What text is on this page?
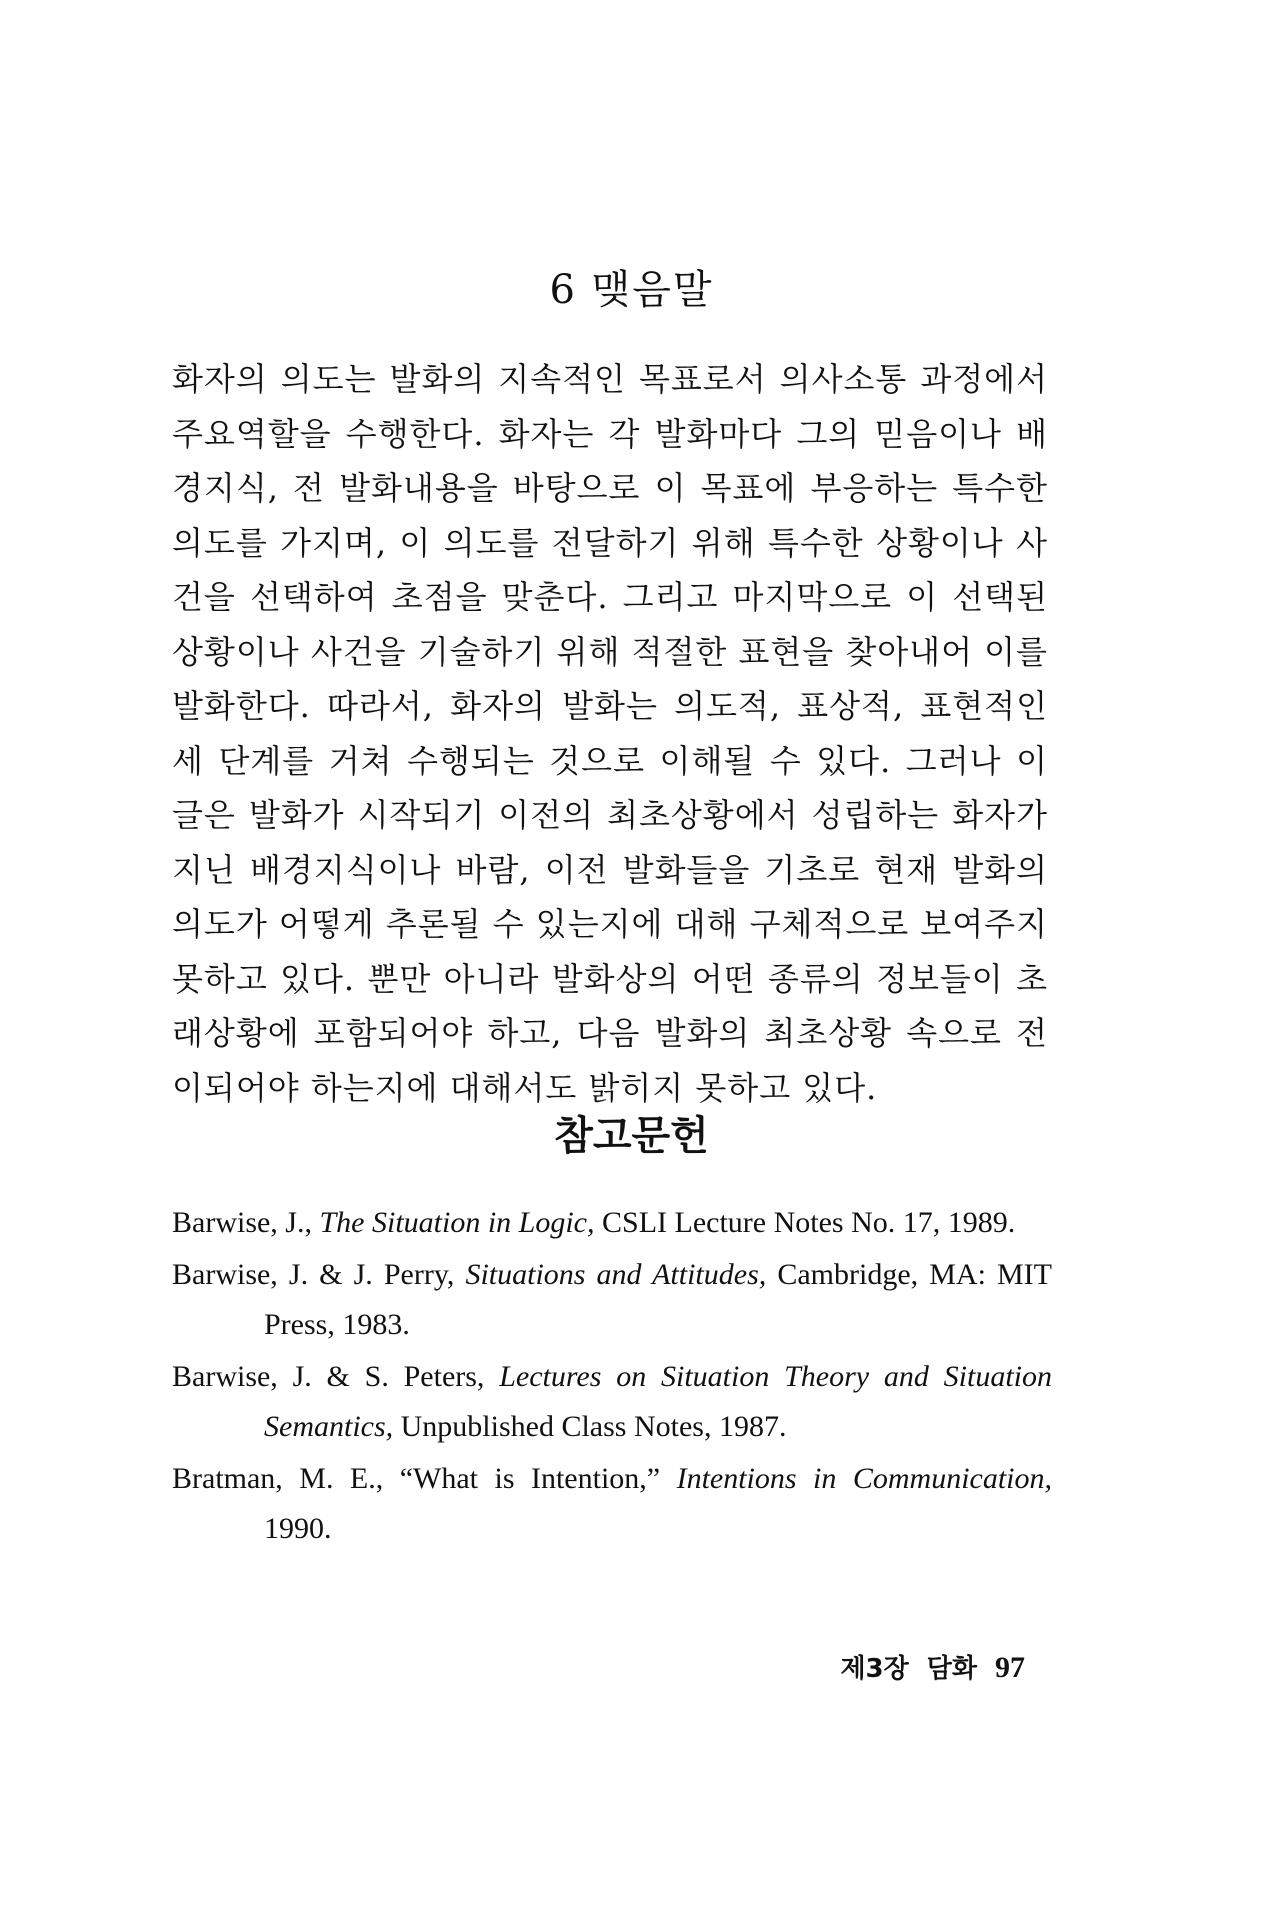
6 맺음말

화자의 의도는 발화의 지속적인 목표로서 의사소통 과정에서 주요역할을 수행한다. 화자는 각 발화마다 그의 믿음이나 배경지식, 전 발화내용을 바탕으로 이 목표에 부응하는 특수한 의도를 가지며, 이 의도를 전달하기 위해 특수한 상황이나 사건을 선택하여 초점을 맞춘다. 그리고 마지막으로 이 선택된 상황이나 사건을 기술하기 위해 적절한 표현을 찾아내어 이를 발화한다. 따라서, 화자의 발화는 의도적, 표상적, 표현적인 세 단계를 거쳐 수행되는 것으로 이해될 수 있다. 그러나 이 글은 발화가 시작되기 이전의 최초상황에서 성립하는 화자가 지닌 배경지식이나 바람, 이전 발화들을 기초로 현재 발화의 의도가 어떻게 추론될 수 있는지에 대해 구체적으로 보여주지 못하고 있다. 뿐만 아니라 발화상의 어떤 종류의 정보들이 초래상황에 포함되어야 하고, 다음 발화의 최초상황 속으로 전이되어야 하는지에 대해서도 밝히지 못하고 있다.

참고문헌
Barwise, J., The Situation in Logic, CSLI Lecture Notes No. 17, 1989.
Barwise, J. & J. Perry, Situations and Attitudes, Cambridge, MA: MIT Press, 1983.
Barwise, J. & S. Peters, Lectures on Situation Theory and Situation Semantics, Unpublished Class Notes, 1987.
Bratman, M. E., “What is Intention,” Intentions in Communication, 1990.
제3장 담화 97
